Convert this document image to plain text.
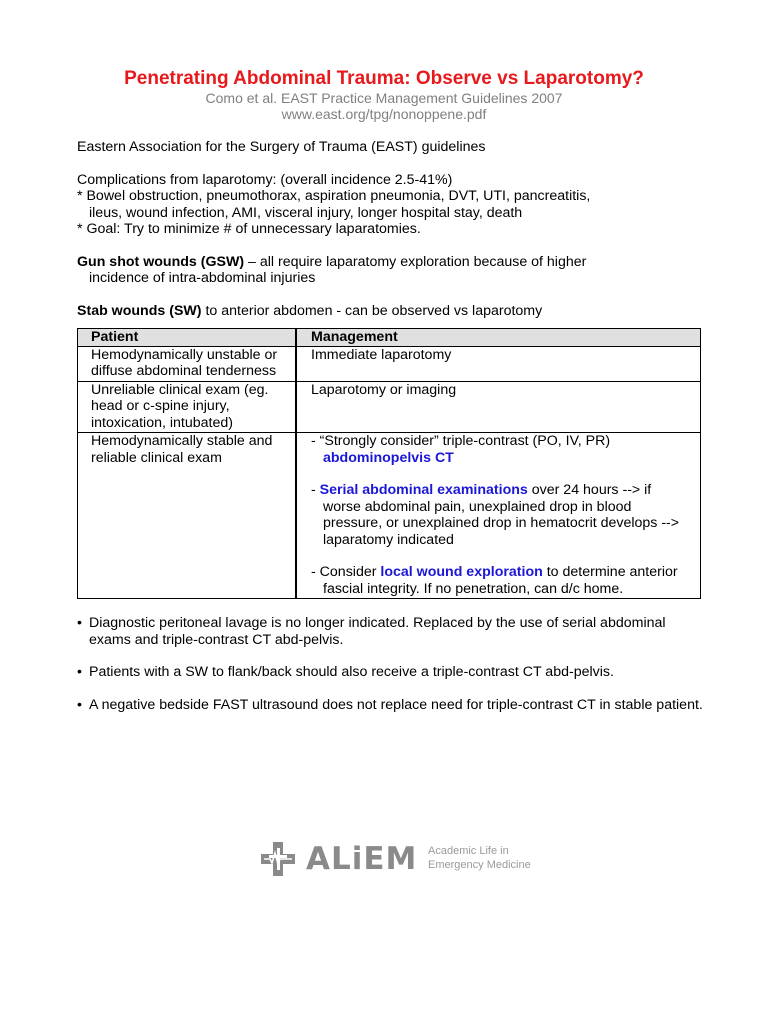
Penetrating Abdominal Trauma: Observe vs Laparotomy?
Como et al. EAST Practice Management Guidelines 2007
www.east.org/tpg/nonoppene.pdf

Eastern Association for the Surgery of Trauma (EAST) guidelines

Complications from laparotomy: (overall incidence 2.5-41%)
* Bowel obstruction, pneumothorax, aspiration pneumonia, DVT, UTI, pancreatitis,
ileus, wound infection, AMI, visceral injury, longer hospital stay, death
* Goal: Try to minimize # of unnecessary laparatomies.
Gun shot wounds (GSW) – all require laparatomy exploration because of higher
incidence of intra-abdominal injuries
Stab wounds (SW) to anterior abdomen - can be observed vs laparotomy
Patient	Management
Hemodynamically unstable or diffuse abdominal tenderness	Immediate laparotomy
Unreliable clinical exam (eg. head or c-spine injury, intoxication, intubated)	Laparotomy or imaging
Hemodynamically stable and reliable clinical exam	- “Strongly consider” triple-contrast (PO, IV, PR)
abdominopelvis CT
- Serial abdominal examinations over 24 hours --> if worse abdominal pain, unexplained drop in blood pressure, or unexplained drop in hematocrit develops --> laparatomy indicated
- Consider local wound exploration to determine anterior fascial integrity. If no penetration, can d/c home.
• Diagnostic peritoneal lavage is no longer indicated. Replaced by the use of serial abdominal exams and triple-contrast CT abd-pelvis.
• Patients with a SW to flank/back should also receive a triple-contrast CT abd-pelvis.
• A negative bedside FAST ultrasound does not replace need for triple-contrast CT in stable patient.
ALiEM Academic Life in
Emergency Medicine
